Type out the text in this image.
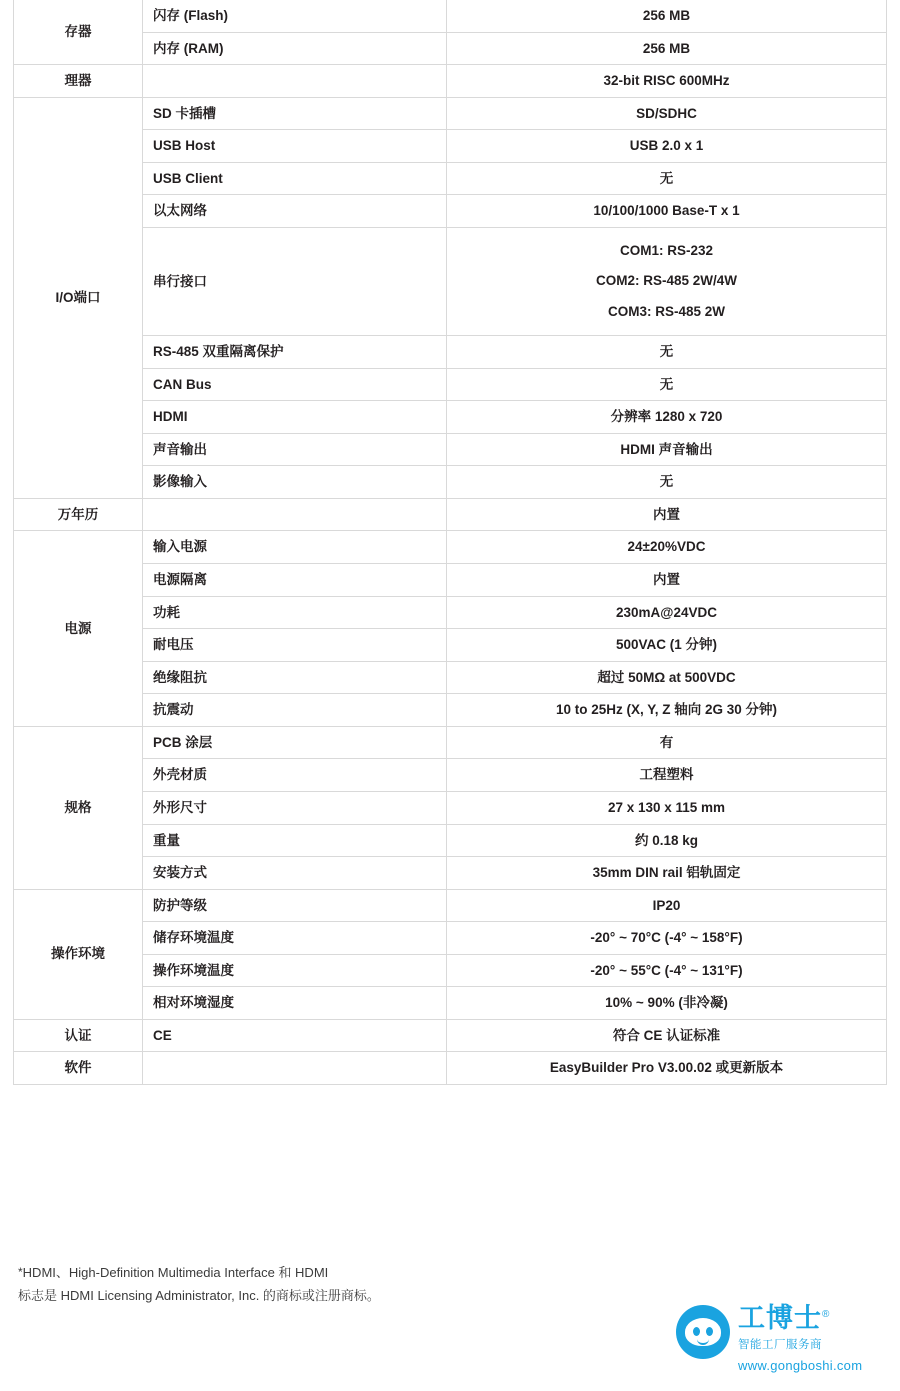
存器	闪存 (Flash)	256 MB
	内存 (RAM)	256 MB
理器		32-bit RISC 600MHz
I/O端口	SD 卡插槽	SD/SDHC
	USB Host	USB 2.0 x 1
	USB Client	无
	以太网络	10/100/1000 Base-T x 1
	串行接口	COM1: RS-232
COM2: RS-485 2W/4W
COM3: RS-485 2W

	RS-485 双重隔离保护	无
	CAN Bus	无
	HDMI	分辨率 1280 x 720
	声音输出	HDMI 声音输出
	影像输入	无
万年历		内置
电源	输入电源	24±20%VDC
	电源隔离	内置
	功耗	230mA@24VDC
	耐电压	500VAC (1 分钟)
	绝缘阻抗	超过 50MΩ at 500VDC
	抗震动	10 to 25Hz (X, Y, Z 轴向 2G 30 分钟)
规格	PCB 涂层	有
	外壳材质	工程塑料
	外形尺寸	27 x 130 x 115 mm
	重量	约 0.18 kg
	安装方式	35mm DIN rail 铝轨固定
操作环境	防护等级	IP20
	储存环境温度	-20° ~ 70°C (-4° ~ 158°F)
	操作环境温度	-20° ~ 55°C (-4° ~ 131°F)
	相对环境湿度	10% ~ 90% (非冷凝)
认证	CE	符合 CE 认证标准
软件		EasyBuilder Pro V3.00.02 或更新版本
*HDMI、High-Definition Multimedia Interface 和 HDMI
标志是 HDMI Licensing Administrator, Inc. 的商标或注册商标。
工博士®
智能工厂服务商
www.gongboshi.com
